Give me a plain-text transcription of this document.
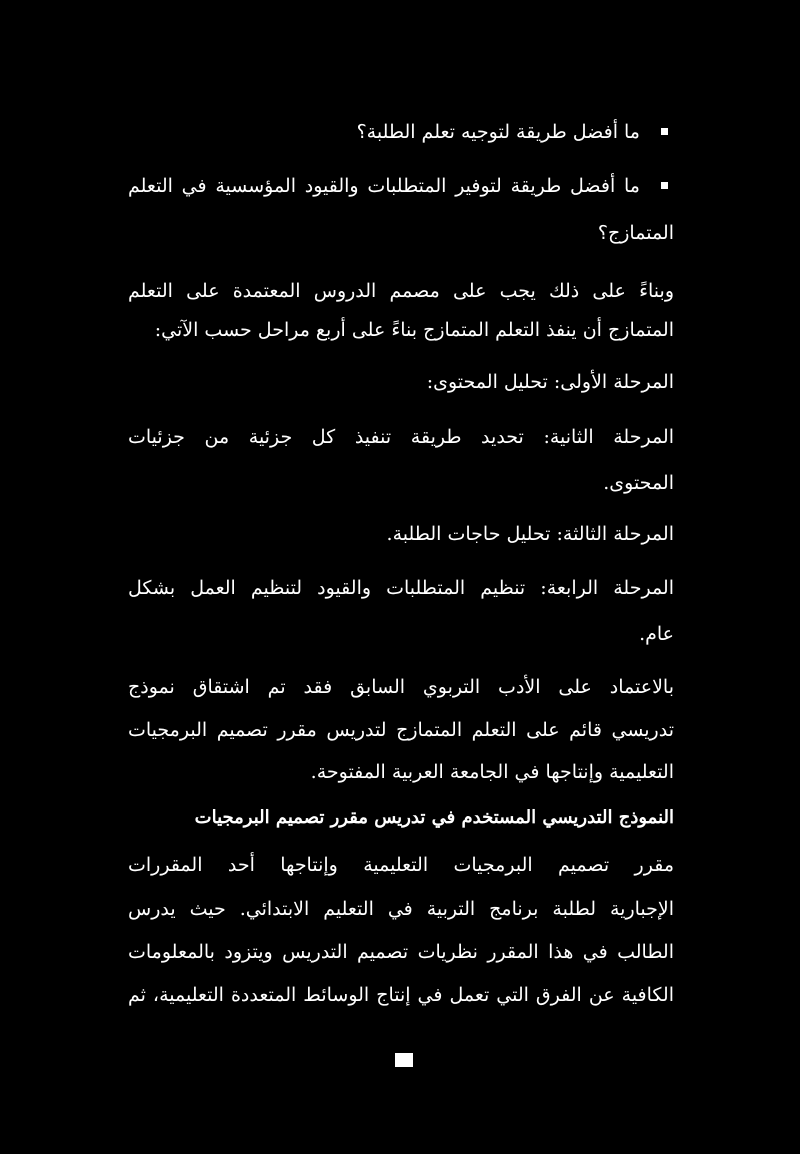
ما أفضل طريقة لتوجيه تعلم الطلبة؟
ما أفضل طريقة لتوفير المتطلبات والقيود المؤسسية في التعلم
المتمازج؟
وبناءً على ذلك يجب على مصمم الدروس المعتمدة على التعلم
المتمازج أن ينفذ التعلم المتمازج بناءً على أربع مراحل حسب الآتي:
المرحلة الأولى: تحليل المحتوى:
المرحلة الثانية: تحديد طريقة تنفيذ كل جزئية من جزئيات
المحتوى.
المرحلة الثالثة: تحليل حاجات الطلبة.
المرحلة الرابعة: تنظيم المتطلبات والقيود لتنظيم العمل بشكل
عام.
بالاعتماد على الأدب التربوي السابق فقد تم اشتقاق نموذج
تدريسي قائم على التعلم المتمازج لتدريس مقرر تصميم البرمجيات
التعليمية وإنتاجها في الجامعة العربية المفتوحة.
النموذج التدريسي المستخدم في تدريس مقرر تصميم البرمجيات
مقرر تصميم البرمجيات التعليمية وإنتاجها أحد المقررات
الإجبارية لطلبة برنامج التربية في التعليم الابتدائي. حيث يدرس
الطالب في هذا المقرر نظريات تصميم التدريس ويتزود بالمعلومات
الكافية عن الفرق التي تعمل في إنتاج الوسائط المتعددة التعليمية، ثم
